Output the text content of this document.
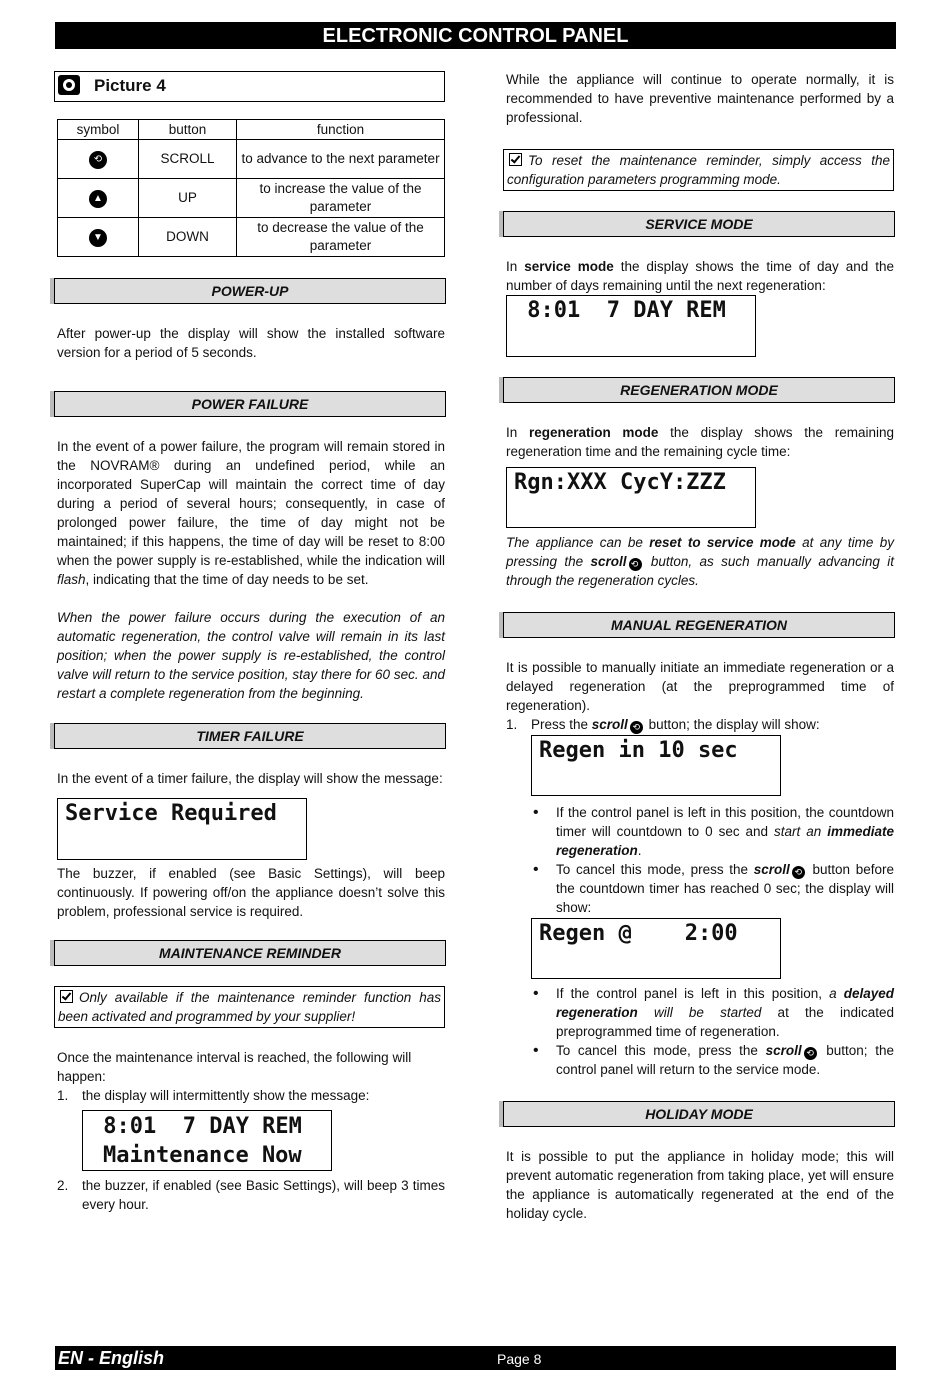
ELECTRONIC CONTROL PANEL
Picture 4
symbol	button	function
⟲	SCROLL	to advance to the next parameter
▲	UP	to increase the value of the parameter
▼	DOWN	to decrease the value of the parameter
POWER-UP

After power-up the display will show the installed software version for a period of 5 seconds.

POWER FAILURE

In the event of a power failure, the program will remain stored in the NOVRAM® during an undefined period, while an incorporated SuperCap will maintain the correct time of day during a period of several hours; consequently, in case of prolonged power failure, the time of day might not be maintained; if this happens, the time of day will be reset to 8:00 when the power supply is re-established, while the indication will flash, indicating that the time of day needs to be set.

When the power failure occurs during the execution of an automatic regeneration, the control valve will remain in its last position; when the power supply is re-established, the control valve will return to the service position, stay there for 60 sec. and restart a complete regeneration from the beginning.

TIMER FAILURE

In the event of a timer failure, the display will show the message:

Service Required

The buzzer, if enabled (see Basic Settings), will beep continuously. If powering off/on the appliance doesn’t solve this problem, professional service is required.

MAINTENANCE REMINDER
Only available if the maintenance reminder function has been activated and programmed by your supplier!

Once the maintenance interval is reached, the following will happen:

1. the display will intermittently show the message:
8:01  7 DAY REM
Maintenance Now
2. the buzzer, if enabled (see Basic Settings), will beep 3 times every hour.

While the appliance will continue to operate normally, it is recommended to have preventive maintenance performed by a professional.

To reset the maintenance reminder, simply access the configuration parameters programming mode.
SERVICE MODE

In service mode the display shows the time of day and the number of days remaining until the next regeneration:

8:01  7 DAY REM
REGENERATION MODE

In regeneration mode the display shows the remaining regeneration time and the remaining cycle time:

Rgn:XXX CycY:ZZZ

The appliance can be reset to service mode at any time by pressing the scroll ⟲ button, as such manually advancing it through the regeneration cycles.

MANUAL REGENERATION

It is possible to manually initiate an immediate regeneration or a delayed regeneration (at the preprogrammed time of regeneration).

1. Press the scroll ⟲ button; the display will show:
Regen in 10 sec
• If the control panel is left in this position, the countdown timer will countdown to 0 sec and start an immediate regeneration.
• To cancel this mode, press the scroll ⟲ button before the countdown timer has reached 0 sec; the display will show:
Regen @    2:00
• If the control panel is left in this position, a delayed regeneration will be started at the indicated preprogrammed time of regeneration.
• To cancel this mode, press the scroll ⟲ button; the control panel will return to the service mode.
HOLIDAY MODE

It is possible to put the appliance in holiday mode; this will prevent automatic regeneration from taking place, yet will ensure the appliance is automatically regenerated at the end of the holiday cycle.

EN - English	Page 8
